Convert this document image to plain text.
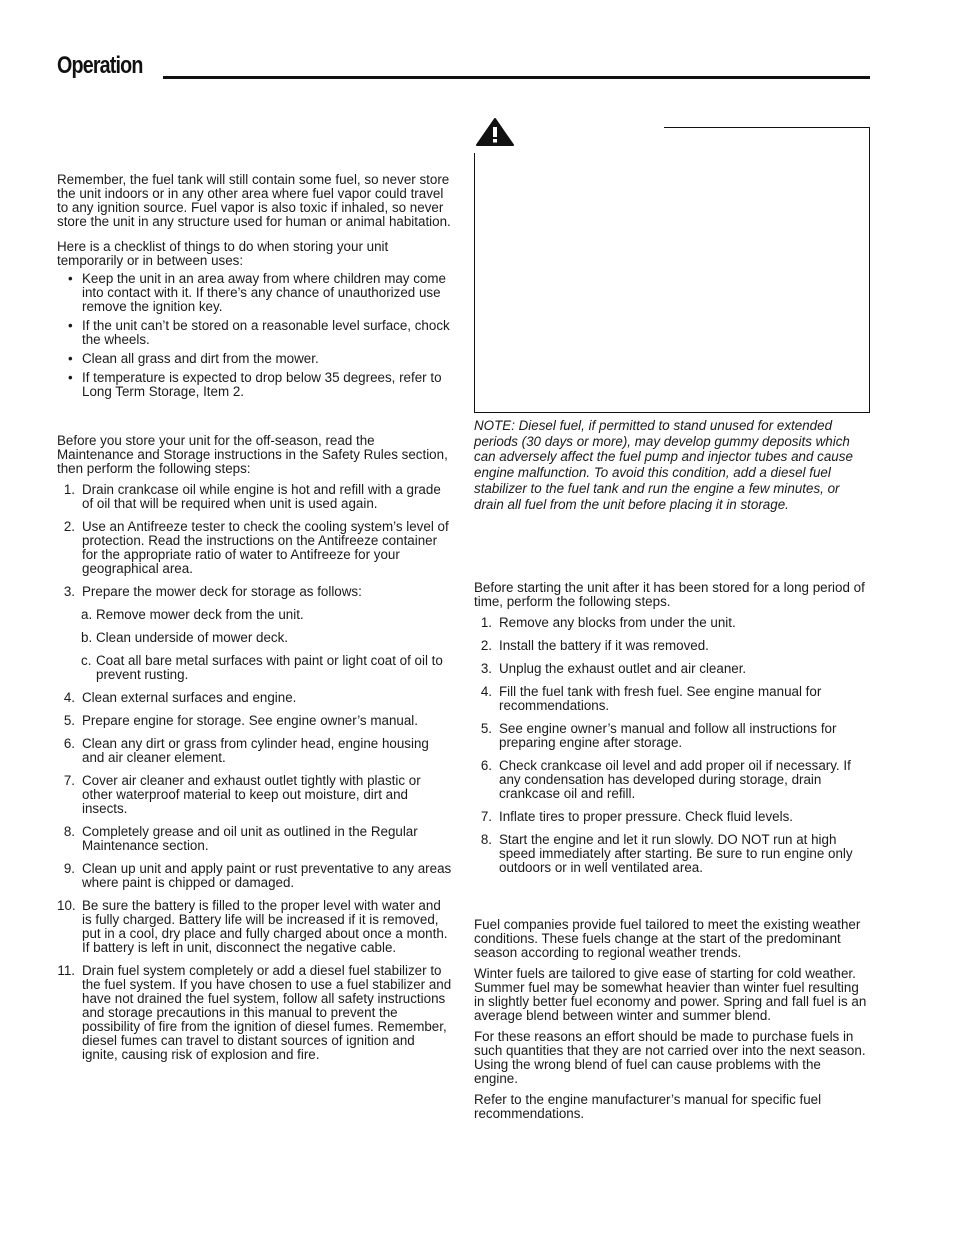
Operation

Remember, the fuel tank will still contain some fuel, so never store the unit indoors or in any other area where fuel vapor could travel to any ignition source. Fuel vapor is also toxic if inhaled, so never store the unit in any structure used for human or animal habitation.

Here is a checklist of things to do when storing your unit temporarily or in between uses:

• Keep the unit in an area away from where children may come into contact with it. If there’s any chance of unauthorized use remove the ignition key.
• If the unit can’t be stored on a reasonable level surface, chock the wheels.
• Clean all grass and dirt from the mower.
• If temperature is expected to drop below 35 degrees, refer to Long Term Storage, Item 2.

Before you store your unit for the off-season, read the Maintenance and Storage instructions in the Safety Rules section, then perform the following steps:

1. Drain crankcase oil while engine is hot and refill with a grade of oil that will be required when unit is used again.
2. Use an Antifreeze tester to check the cooling system’s level of protection. Read the instructions on the Antifreeze container for the appropriate ratio of water to Antifreeze for your geographical area.
3. Prepare the mower deck for storage as follows:
a. Remove mower deck from the unit.
b. Clean underside of mower deck.
c. Coat all bare metal surfaces with paint or light coat of oil to prevent rusting.
4. Clean external surfaces and engine.
5. Prepare engine for storage. See engine owner’s manual.
6. Clean any dirt or grass from cylinder head, engine housing and air cleaner element.
7. Cover air cleaner and exhaust outlet tightly with plastic or other waterproof material to keep out moisture, dirt and insects.
8. Completely grease and oil unit as outlined in the Regular Maintenance section.
9. Clean up unit and apply paint or rust preventative to any areas where paint is chipped or damaged.
10. Be sure the battery is filled to the proper level with water and is fully charged. Battery life will be increased if it is removed, put in a cool, dry place and fully charged about once a month. If battery is left in unit, disconnect the negative cable.
11. Drain fuel system completely or add a diesel fuel stabilizer to the fuel system. If you have chosen to use a fuel stabilizer and have not drained the fuel system, follow all safety instructions and storage precautions in this manual to prevent the possibility of fire from the ignition of diesel fumes. Remember, diesel fumes can travel to distant sources of ignition and ignite, causing risk of explosion and fire.

NOTE: Diesel fuel, if permitted to stand unused for extended periods (30 days or more), may develop gummy deposits which can adversely affect the fuel pump and injector tubes and cause engine malfunction. To avoid this condition, add a diesel fuel stabilizer to the fuel tank and run the engine a few minutes, or drain all fuel from the unit before placing it in storage.

Before starting the unit after it has been stored for a long period of time, perform the following steps.

1. Remove any blocks from under the unit.
2. Install the battery if it was removed.
3. Unplug the exhaust outlet and air cleaner.
4. Fill the fuel tank with fresh fuel. See engine manual for recommendations.
5. See engine owner’s manual and follow all instructions for preparing engine after storage.
6. Check crankcase oil level and add proper oil if necessary. If any condensation has developed during storage, drain crankcase oil and refill.
7. Inflate tires to proper pressure. Check fluid levels.
8. Start the engine and let it run slowly. DO NOT run at high speed immediately after starting. Be sure to run engine only outdoors or in well ventilated area.

Fuel companies provide fuel tailored to meet the existing weather conditions. These fuels change at the start of the predominant season according to regional weather trends.

Winter fuels are tailored to give ease of starting for cold weather. Summer fuel may be somewhat heavier than winter fuel resulting in slightly better fuel economy and power. Spring and fall fuel is an average blend between winter and summer blend.

For these reasons an effort should be made to purchase fuels in such quantities that they are not carried over into the next season. Using the wrong blend of fuel can cause problems with the engine.

Refer to the engine manufacturer’s manual for specific fuel recommendations.
